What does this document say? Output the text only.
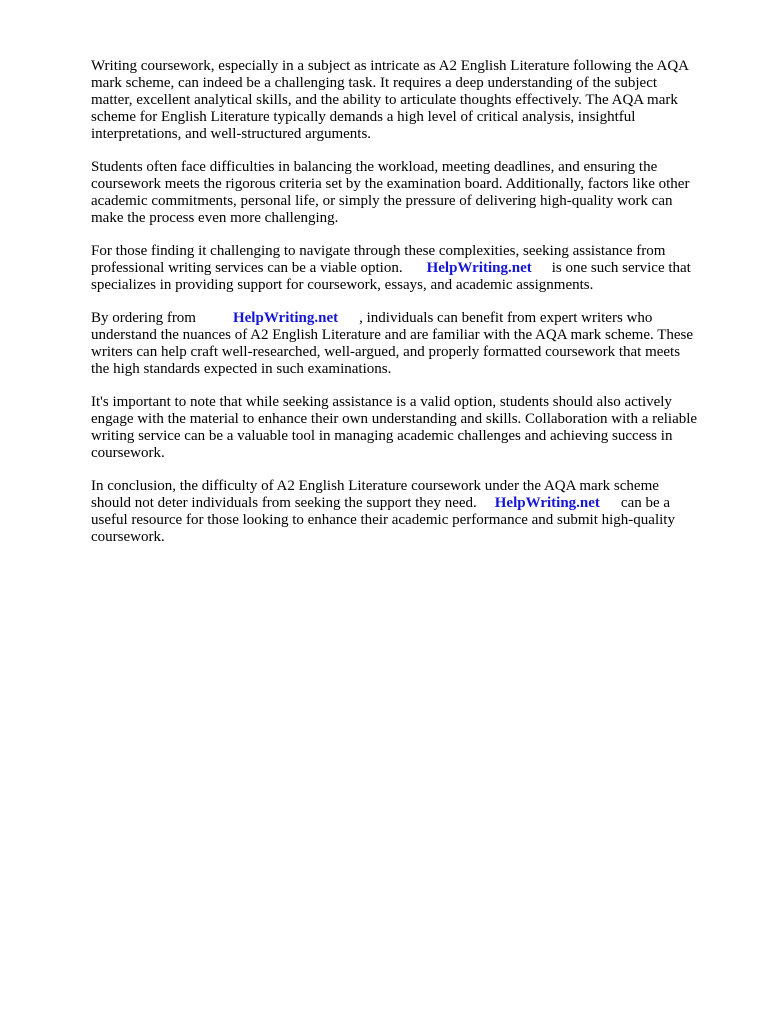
Writing coursework, especially in a subject as intricate as A2 English Literature following the AQA
mark scheme, can indeed be a challenging task. It requires a deep understanding of the subject
matter, excellent analytical skills, and the ability to articulate thoughts effectively. The AQA mark
scheme for English Literature typically demands a high level of critical analysis, insightful
interpretations, and well-structured arguments.
Students often face difficulties in balancing the workload, meeting deadlines, and ensuring the
coursework meets the rigorous criteria set by the examination board. Additionally, factors like other
academic commitments, personal life, or simply the pressure of delivering high-quality work can
make the process even more challenging.
For those finding it challenging to navigate through these complexities, seeking assistance from
professional writing services can be a viable option. HelpWriting.net is one such service that
specializes in providing support for coursework, essays, and academic assignments.
By ordering from HelpWriting.net , individuals can benefit from expert writers who
understand the nuances of A2 English Literature and are familiar with the AQA mark scheme. These
writers can help craft well-researched, well-argued, and properly formatted coursework that meets
the high standards expected in such examinations.
It's important to note that while seeking assistance is a valid option, students should also actively
engage with the material to enhance their own understanding and skills. Collaboration with a reliable
writing service can be a valuable tool in managing academic challenges and achieving success in
coursework.
In conclusion, the difficulty of A2 English Literature coursework under the AQA mark scheme
should not deter individuals from seeking the support they need. HelpWriting.net can be a
useful resource for those looking to enhance their academic performance and submit high-quality
coursework.
